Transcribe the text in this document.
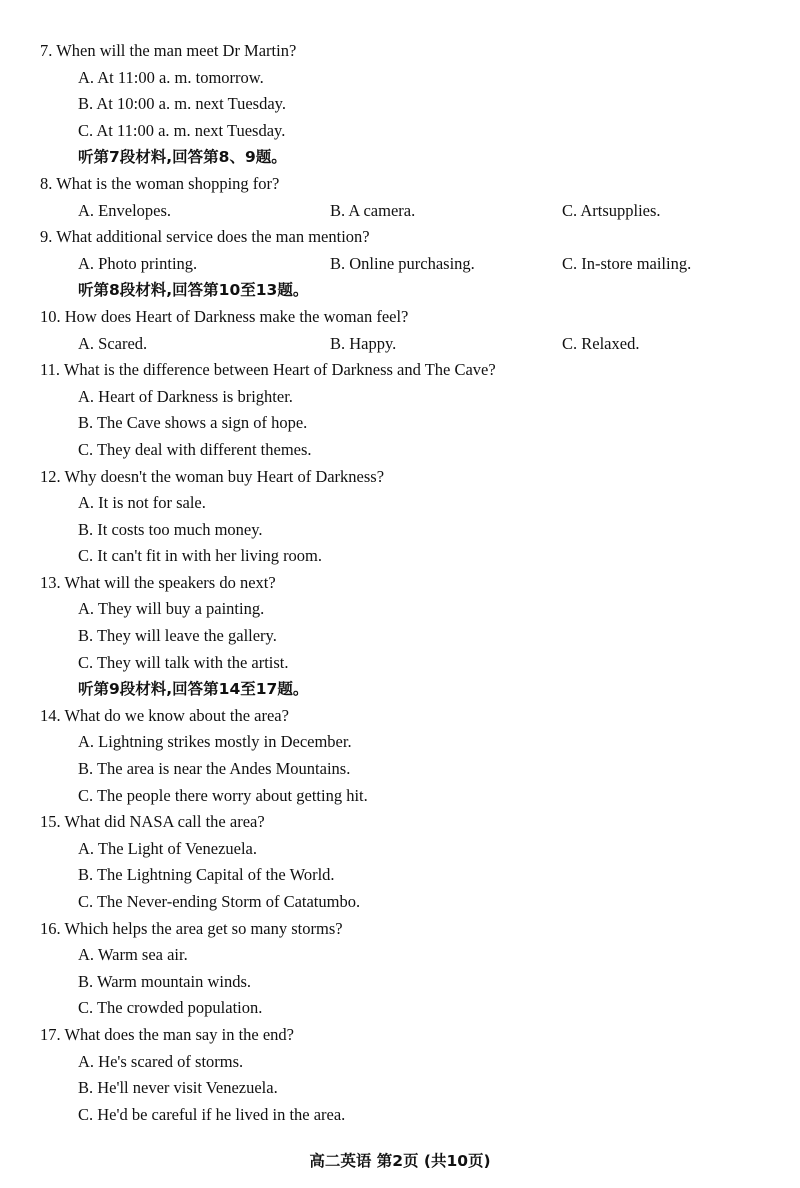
7. When will the man meet Dr Martin?
A. At 11:00 a. m. tomorrow.
B. At 10:00 a. m. next Tuesday.
C. At 11:00 a. m. next Tuesday.
听第7段材料,回答第8、9题。
8. What is the woman shopping for?
A. Envelopes.	B. A camera.	C. Artsupplies.
9. What additional service does the man mention?
A. Photo printing.	B. Online purchasing.	C. In-store mailing.
听第8段材料,回答第10至13题。
10. How does Heart of Darkness make the woman feel?
A. Scared.	B. Happy.	C. Relaxed.
11. What is the difference between Heart of Darkness and The Cave?
A. Heart of Darkness is brighter.
B. The Cave shows a sign of hope.
C. They deal with different themes.
12. Why doesn't the woman buy Heart of Darkness?
A. It is not for sale.
B. It costs too much money.
C. It can't fit in with her living room.
13. What will the speakers do next?
A. They will buy a painting.
B. They will leave the gallery.
C. They will talk with the artist.
听第9段材料,回答第14至17题。
14. What do we know about the area?
A. Lightning strikes mostly in December.
B. The area is near the Andes Mountains.
C. The people there worry about getting hit.
15. What did NASA call the area?
A. The Light of Venezuela.
B. The Lightning Capital of the World.
C. The Never-ending Storm of Catatumbo.
16. Which helps the area get so many storms?
A. Warm sea air.
B. Warm mountain winds.
C. The crowded population.
17. What does the man say in the end?
A. He's scared of storms.
B. He'll never visit Venezuela.
C. He'd be careful if he lived in the area.
高二英语 第2页 (共10页)
